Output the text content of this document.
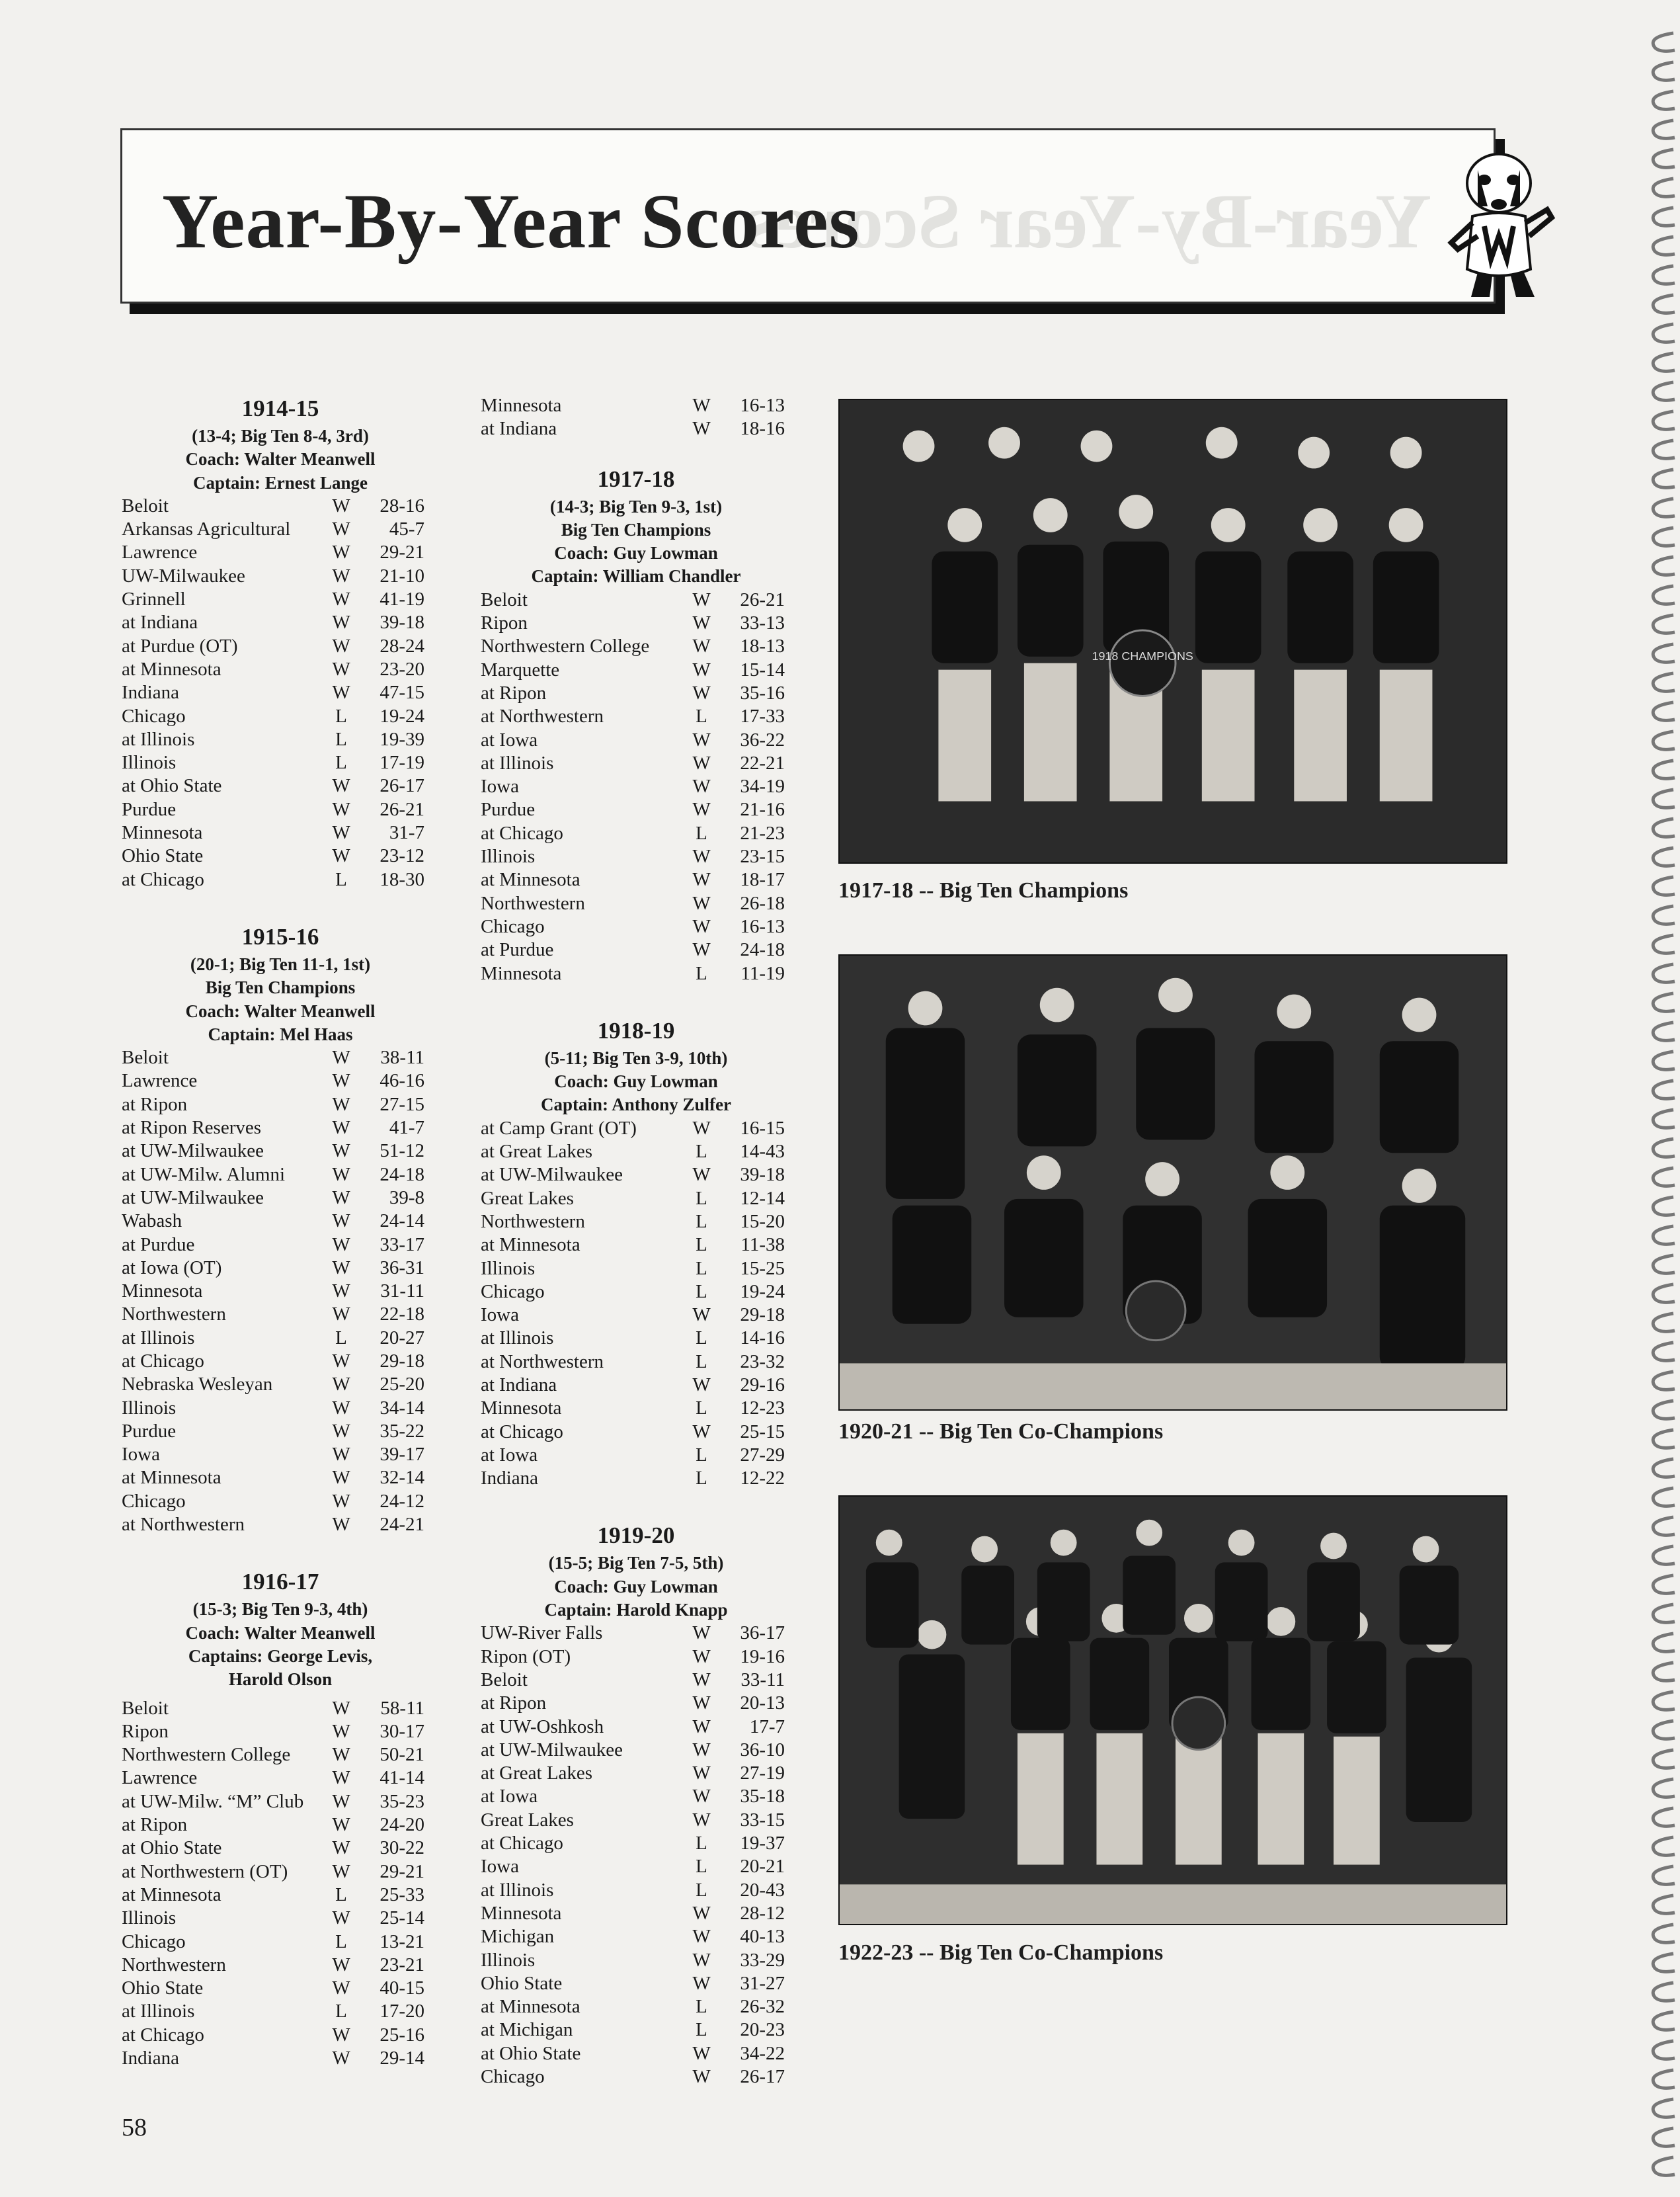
Year-By-Year Scores
Year-By-Year Scores
1914-15
(13-4; Big Ten 8-4, 3rd)
Coach: Walter Meanwell
Captain: Ernest Lange
Beloit	W	28-16
Arkansas Agricultural	W	45-7
Lawrence	W	29-21
UW-Milwaukee	W	21-10
Grinnell	W	41-19
at Indiana	W	39-18
at Purdue (OT)	W	28-24
at Minnesota	W	23-20
Indiana	W	47-15
Chicago	L	19-24
at Illinois	L	19-39
Illinois	L	17-19
at Ohio State	W	26-17
Purdue	W	26-21
Minnesota	W	31-7
Ohio State	W	23-12
at Chicago	L	18-30
1915-16
(20-1; Big Ten 11-1, 1st)
Big Ten Champions
Coach: Walter Meanwell
Captain: Mel Haas
Beloit	W	38-11
Lawrence	W	46-16
at Ripon	W	27-15
at Ripon Reserves	W	41-7
at UW-Milwaukee	W	51-12
at UW-Milw. Alumni	W	24-18
at UW-Milwaukee	W	39-8
Wabash	W	24-14
at Purdue	W	33-17
at Iowa (OT)	W	36-31
Minnesota	W	31-11
Northwestern	W	22-18
at Illinois	L	20-27
at Chicago	W	29-18
Nebraska Wesleyan	W	25-20
Illinois	W	34-14
Purdue	W	35-22
Iowa	W	39-17
at Minnesota	W	32-14
Chicago	W	24-12
at Northwestern	W	24-21
1916-17
(15-3; Big Ten 9-3, 4th)
Coach: Walter Meanwell
Captains: George Levis,
Harold Olson
Beloit	W	58-11
Ripon	W	30-17
Northwestern College	W	50-21
Lawrence	W	41-14
at UW-Milw. “M” Club	W	35-23
at Ripon	W	24-20
at Ohio State	W	30-22
at Northwestern (OT)	W	29-21
at Minnesota	L	25-33
Illinois	W	25-14
Chicago	L	13-21
Northwestern	W	23-21
Ohio State	W	40-15
at Illinois	L	17-20
at Chicago	W	25-16
Indiana	W	29-14
Minnesota	W	16-13
at Indiana	W	18-16
1917-18
(14-3; Big Ten 9-3, 1st)
Big Ten Champions
Coach: Guy Lowman
Captain: William Chandler
Beloit	W	26-21
Ripon	W	33-13
Northwestern College	W	18-13
Marquette	W	15-14
at Ripon	W	35-16
at Northwestern	L	17-33
at Iowa	W	36-22
at Illinois	W	22-21
Iowa	W	34-19
Purdue	W	21-16
at Chicago	L	21-23
Illinois	W	23-15
at Minnesota	W	18-17
Northwestern	W	26-18
Chicago	W	16-13
at Purdue	W	24-18
Minnesota	L	11-19
1918-19
(5-11; Big Ten 3-9, 10th)
Coach: Guy Lowman
Captain: Anthony Zulfer
at Camp Grant (OT)	W	16-15
at Great Lakes	L	14-43
at UW-Milwaukee	W	39-18
Great Lakes	L	12-14
Northwestern	L	15-20
at Minnesota	L	11-38
Illinois	L	15-25
Chicago	L	19-24
Iowa	W	29-18
at Illinois	L	14-16
at Northwestern	L	23-32
at Indiana	W	29-16
Minnesota	L	12-23
at Chicago	W	25-15
at Iowa	L	27-29
Indiana	L	12-22
1919-20
(15-5; Big Ten 7-5, 5th)
Coach: Guy Lowman
Captain: Harold Knapp
UW-River Falls	W	36-17
Ripon (OT)	W	19-16
Beloit	W	33-11
at Ripon	W	20-13
at UW-Oshkosh	W	17-7
at UW-Milwaukee	W	36-10
at Great Lakes	W	27-19
at Iowa	W	35-18
Great Lakes	W	33-15
at Chicago	L	19-37
Iowa	L	20-21
at Illinois	L	20-43
Minnesota	W	28-12
Michigan	W	40-13
Illinois	W	33-29
Ohio State	W	31-27
at Minnesota	L	26-32
at Michigan	L	20-23
at Ohio State	W	34-22
Chicago	W	26-17
1918 CHAMPIONS
1917-18 -- Big Ten Champions
1920-21 -- Big Ten Co-Champions
1922-23 -- Big Ten Co-Champions
58
